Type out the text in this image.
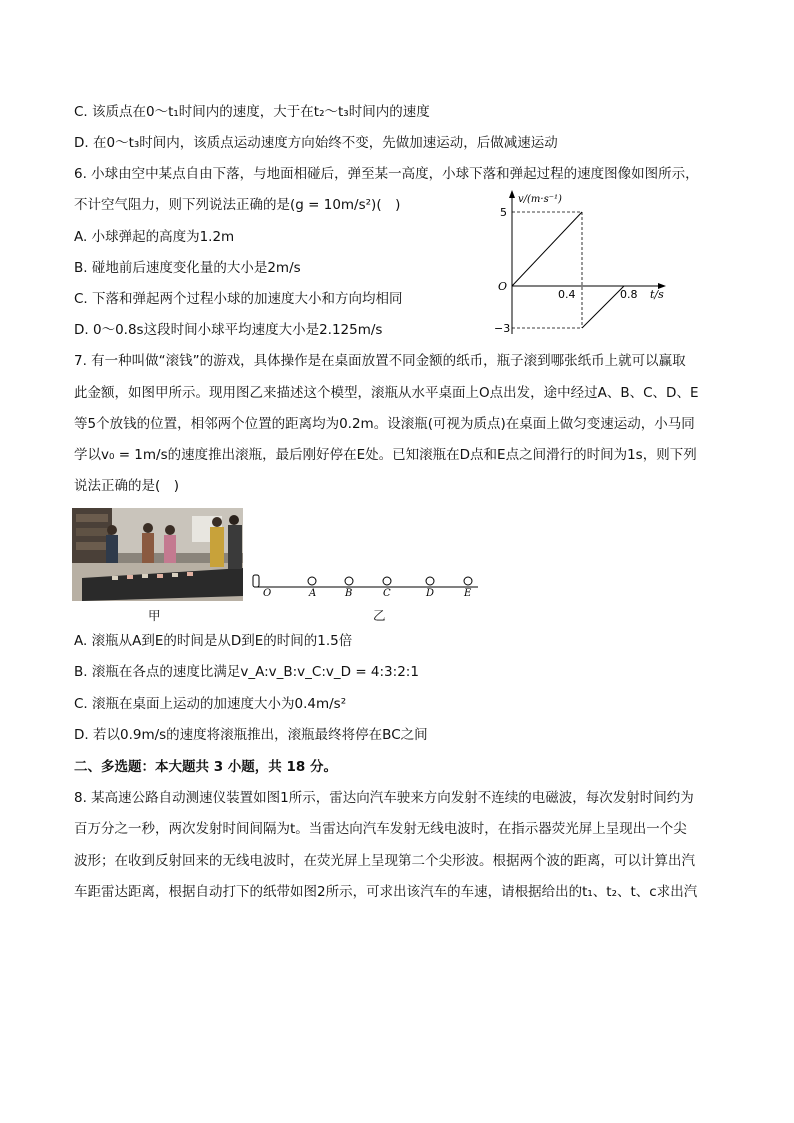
C. 该质点在0～t₁时间内的速度，大于在t₂～t₃时间内的速度
D. 在0～t₃时间内，该质点运动速度方向始终不变，先做加速运动，后做减速运动
6. 小球由空中某点自由下落，与地面相碰后，弹至某一高度，小球下落和弹起过程的速度图像如图所示，
不计空气阻力，则下列说法正确的是(g = 10m/s²)(　)
A. 小球弹起的高度为1.2m
B. 碰地前后速度变化量的大小是2m/s
C. 下落和弹起两个过程小球的加速度大小和方向均相同
D. 0～0.8s这段时间小球平均速度大小是2.125m/s
7. 有一种叫做“滚钱”的游戏，具体操作是在桌面放置不同金额的纸币，瓶子滚到哪张纸币上就可以赢取
此金额，如图甲所示。现用图乙来描述这个模型，滚瓶从水平桌面上O点出发，途中经过A、B、C、D、E
等5个放钱的位置，相邻两个位置的距离均为0.2m。设滚瓶(可视为质点)在桌面上做匀变速运动，小马同
学以v₀ = 1m/s的速度推出滚瓶，最后刚好停在E处。已知滚瓶在D点和E点之间滑行的时间为1s，则下列
说法正确的是(　)
A. 滚瓶从A到E的时间是从D到E的时间的1.5倍
B. 滚瓶在各点的速度比满足v_A:v_B:v_C:v_D = 4:3:2:1
C. 滚瓶在桌面上运动的加速度大小为0.4m/s²
D. 若以0.9m/s的速度将滚瓶推出，滚瓶最终将停在BC之间
二、多选题：本大题共 3 小题，共 18 分。
8. 某高速公路自动测速仪装置如图1所示，雷达向汽车驶来方向发射不连续的电磁波，每次发射时间约为
百万分之一秒，两次发射时间间隔为t。当雷达向汽车发射无线电波时，在指示器荧光屏上呈现出一个尖
波形；在收到反射回来的无线电波时，在荧光屏上呈现第二个尖形波。根据两个波的距离，可以计算出汽
车距雷达距离，根据自动打下的纸带如图2所示，可求出该汽车的车速，请根据给出的t₁、t₂、t、c求出汽
v/(m·s⁻¹)
t/s
O
5
−3
0.4	0.8
甲
O	A	B	C	D	E
乙
